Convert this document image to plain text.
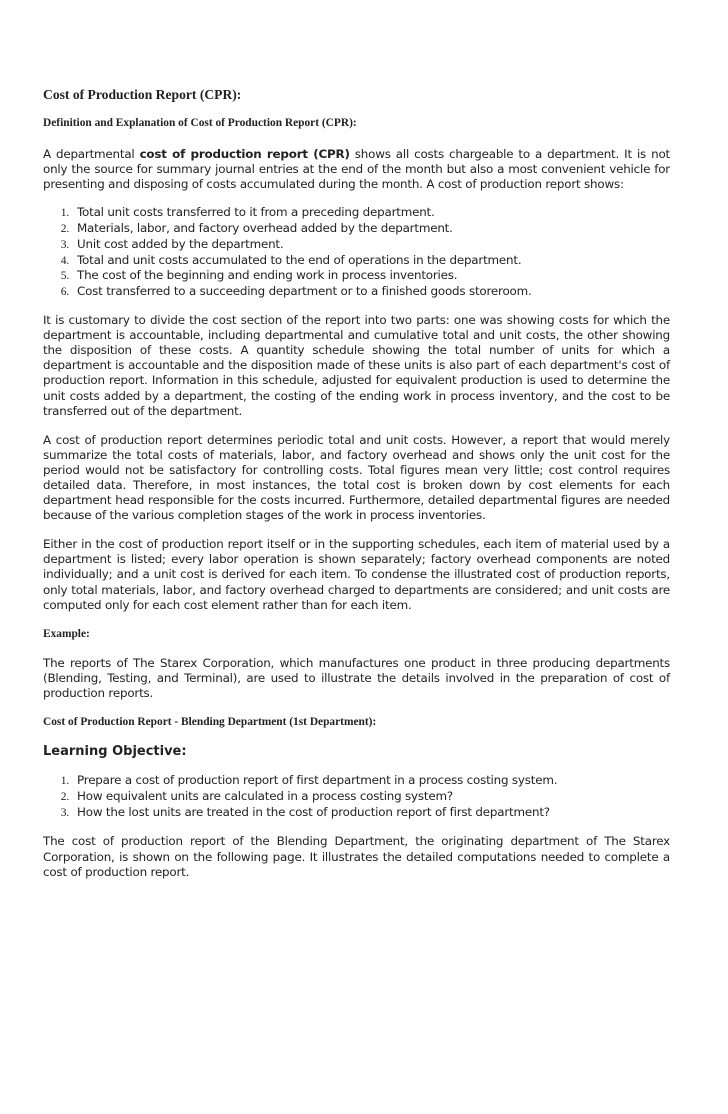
Cost of Production Report (CPR):

Definition and Explanation of Cost of Production Report (CPR):

A departmental cost of production report (CPR) shows all costs chargeable to a department. It is not only the source for summary journal entries at the end of the month but also a most convenient vehicle for presenting and disposing of costs accumulated during the month. A cost of production report shows:

1. Total unit costs transferred to it from a preceding department.
2. Materials, labor, and factory overhead added by the department.
3. Unit cost added by the department.
4. Total and unit costs accumulated to the end of operations in the department.
5. The cost of the beginning and ending work in process inventories.
6. Cost transferred to a succeeding department or to a finished goods storeroom.

It is customary to divide the cost section of the report into two parts: one was showing costs for which the department is accountable, including departmental and cumulative total and unit costs, the other showing the disposition of these costs. A quantity schedule showing the total number of units for which a department is accountable and the disposition made of these units is also part of each department's cost of production report. Information in this schedule, adjusted for equivalent production is used to determine the unit costs added by a department, the costing of the ending work in process inventory, and the cost to be transferred out of the department.

A cost of production report determines periodic total and unit costs. However, a report that would merely summarize the total costs of materials, labor, and factory overhead and shows only the unit cost for the period would not be satisfactory for controlling costs. Total figures mean very little; cost control requires detailed data. Therefore, in most instances, the total cost is broken down by cost elements for each department head responsible for the costs incurred. Furthermore, detailed departmental figures are needed because of the various completion stages of the work in process inventories.

Either in the cost of production report itself or in the supporting schedules, each item of material used by a department is listed; every labor operation is shown separately; factory overhead components are noted individually; and a unit cost is derived for each item. To condense the illustrated cost of production reports, only total materials, labor, and factory overhead charged to departments are considered; and unit costs are computed only for each cost element rather than for each item.

Example:

The reports of The Starex Corporation, which manufactures one product in three producing departments (Blending, Testing, and Terminal), are used to illustrate the details involved in the preparation of cost of production reports.

Cost of Production Report - Blending Department (1st Department):

Learning Objective:

1. Prepare a cost of production report of first department in a process costing system.
2. How equivalent units are calculated in a process costing system?
3. How the lost units are treated in the cost of production report of first department?

The cost of production report of the Blending Department, the originating department of The Starex Corporation, is shown on the following page. It illustrates the detailed computations needed to complete a cost of production report.
